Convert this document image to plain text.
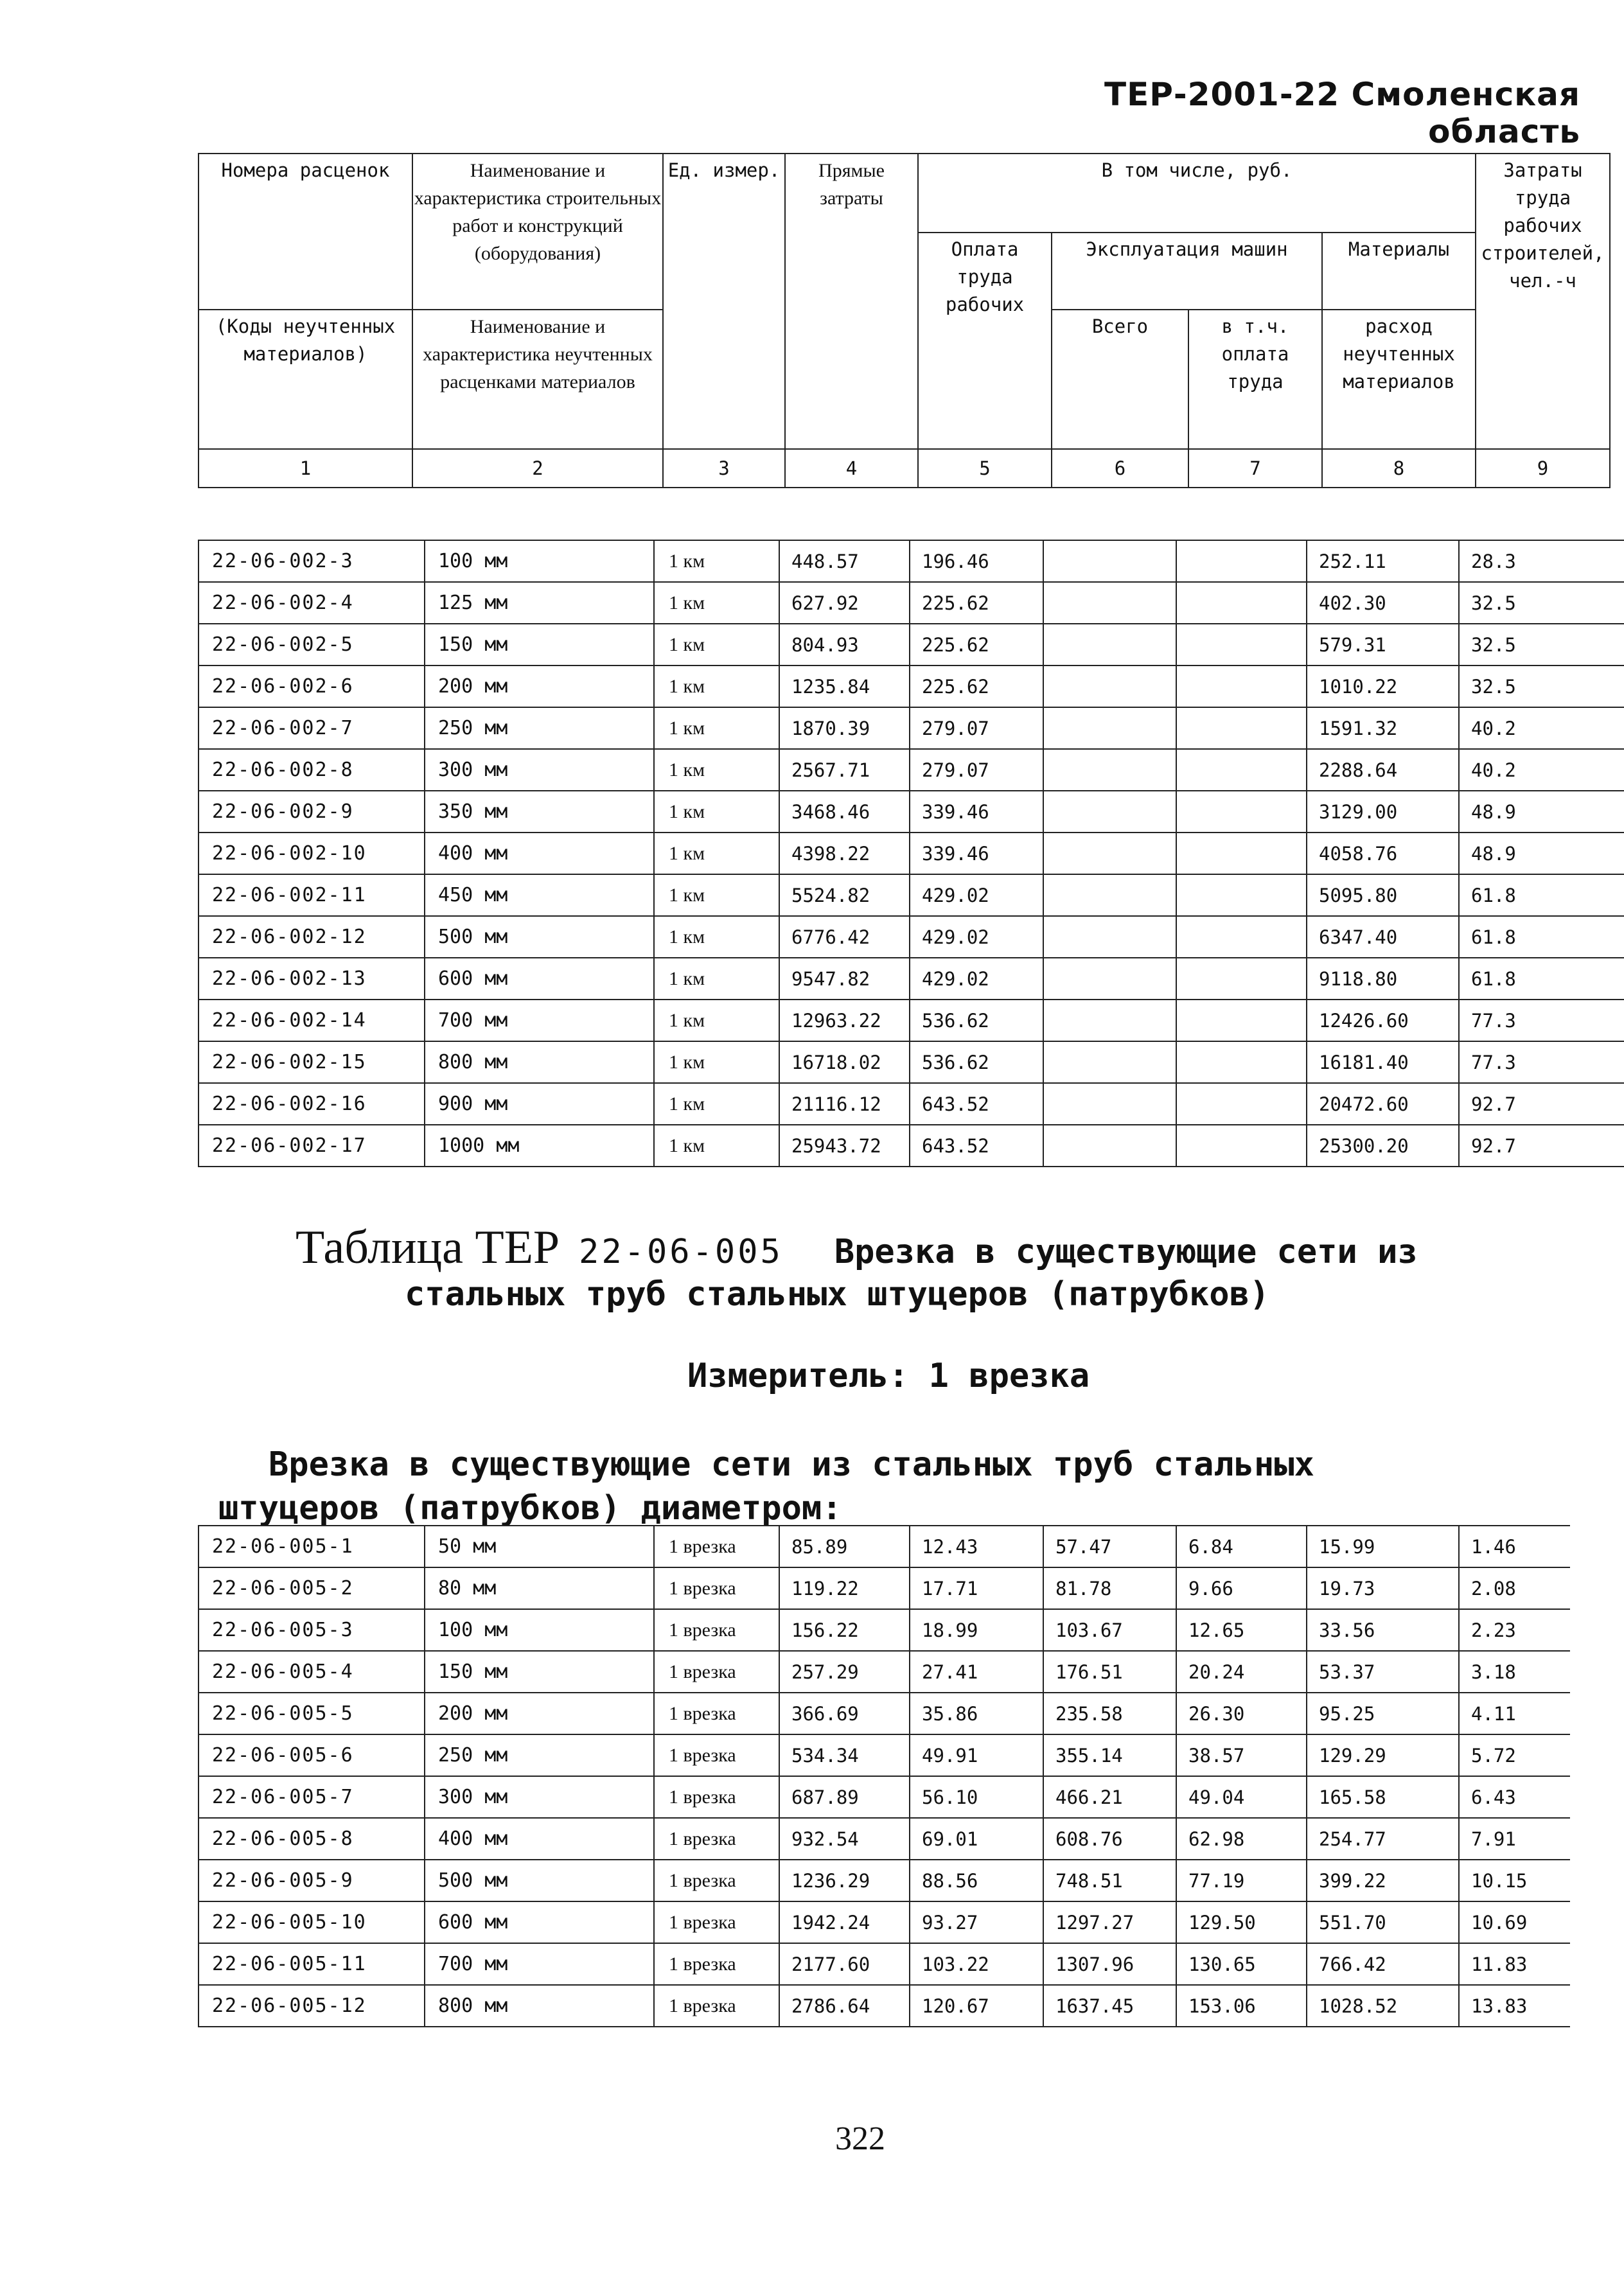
ТЕР-2001-22 Смоленская область
Номера расценок	Наименование и характеристика строительных работ и конструкций (оборудования)	Ед. измер.	Прямые затраты	В том числе, руб.				Затраты труда рабочих строителей, чел.-ч
				Оплата труда рабочих	Эксплуатация машин		Материалы	
(Коды неучтенных материалов)	Наименование и характеристика неучтенных расценками материалов				Всего	в т.ч. оплата труда	расход неучтенных материалов	
1	2	3	4	5	6	7	8	9
22-06-002-3	100 мм	1 км	448.57	196.46			252.11	28.3
22-06-002-4	125 мм	1 км	627.92	225.62			402.30	32.5
22-06-002-5	150 мм	1 км	804.93	225.62			579.31	32.5
22-06-002-6	200 мм	1 км	1235.84	225.62			1010.22	32.5
22-06-002-7	250 мм	1 км	1870.39	279.07			1591.32	40.2
22-06-002-8	300 мм	1 км	2567.71	279.07			2288.64	40.2
22-06-002-9	350 мм	1 км	3468.46	339.46			3129.00	48.9
22-06-002-10	400 мм	1 км	4398.22	339.46			4058.76	48.9
22-06-002-11	450 мм	1 км	5524.82	429.02			5095.80	61.8
22-06-002-12	500 мм	1 км	6776.42	429.02			6347.40	61.8
22-06-002-13	600 мм	1 км	9547.82	429.02			9118.80	61.8
22-06-002-14	700 мм	1 км	12963.22	536.62			12426.60	77.3
22-06-002-15	800 мм	1 км	16718.02	536.62			16181.40	77.3
22-06-002-16	900 мм	1 км	21116.12	643.52			20472.60	92.7
22-06-002-17	1000 мм	1 км	25943.72	643.52			25300.20	92.7
Таблица ТЕР 22-06-005 Врезка в существующие сети из
стальных труб стальных штуцеров (патрубков)
Измеритель: 1 врезка
Врезка в существующие сети из стальных труб стальных
штуцеров (патрубков) диаметром:
22-06-005-1	50 мм	1 врезка	85.89	12.43	57.47	6.84	15.99	1.46
22-06-005-2	80 мм	1 врезка	119.22	17.71	81.78	9.66	19.73	2.08
22-06-005-3	100 мм	1 врезка	156.22	18.99	103.67	12.65	33.56	2.23
22-06-005-4	150 мм	1 врезка	257.29	27.41	176.51	20.24	53.37	3.18
22-06-005-5	200 мм	1 врезка	366.69	35.86	235.58	26.30	95.25	4.11
22-06-005-6	250 мм	1 врезка	534.34	49.91	355.14	38.57	129.29	5.72
22-06-005-7	300 мм	1 врезка	687.89	56.10	466.21	49.04	165.58	6.43
22-06-005-8	400 мм	1 врезка	932.54	69.01	608.76	62.98	254.77	7.91
22-06-005-9	500 мм	1 врезка	1236.29	88.56	748.51	77.19	399.22	10.15
22-06-005-10	600 мм	1 врезка	1942.24	93.27	1297.27	129.50	551.70	10.69
22-06-005-11	700 мм	1 врезка	2177.60	103.22	1307.96	130.65	766.42	11.83
22-06-005-12	800 мм	1 врезка	2786.64	120.67	1637.45	153.06	1028.52	13.83
322
